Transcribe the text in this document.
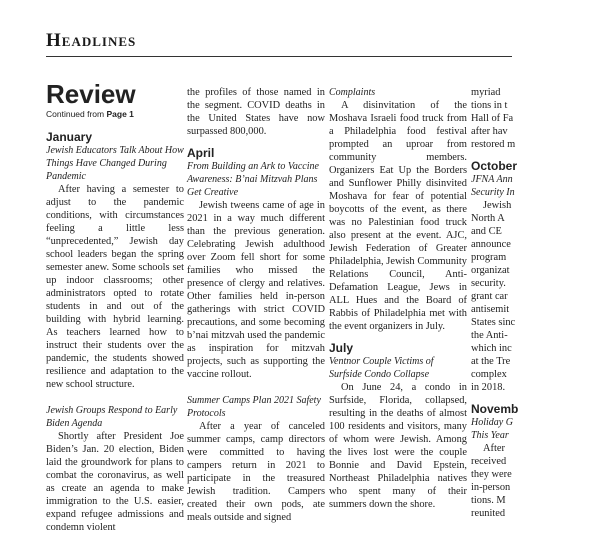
Headlines
Review

Continued from Page 1

January

Jewish Educators Talk About How Things Have Changed During Pandemic

After having a semester to adjust to the pandemic conditions, with circumstances feeling a little less “unprecedented,” Jewish day school leaders began the spring semester anew. Some schools set up indoor classrooms; other administrators opted to rotate students in and out of the building with hybrid learning. As teachers learned how to instruct their students over the pandemic, the students showed resilience and adaptation to the new school structure.

Jewish Groups Respond to Early Biden Agenda

Shortly after President Joe Biden’s Jan. 20 election, Biden laid the groundwork for plans to combat the coronavirus, as well as create an agenda to make immigration to the U.S. easier, expand refugee admissions and condemn violent

the profiles of those named in the segment. COVID deaths in the United States have now surpassed 800,000.

April

From Building an Ark to Vaccine Awareness: B’nai Mitzvah Plans Get Creative

Jewish tweens came of age in 2021 in a way much different than the previous generation. Celebrating Jewish adulthood over Zoom fell short for some families who missed the presence of clergy and relatives. Other families held in-person gatherings with strict COVID precautions, and some becoming b’nai mitzvah used the pandemic as inspiration for mitzvah projects, such as supporting the vaccine rollout.

Summer Camps Plan 2021 Safety Protocols

After a year of canceled summer camps, camp directors were committed to having campers return in 2021 to participate in the treasured Jewish tradition. Campers created their own pods, ate meals outside and signed

Complaints

A disinvitation of the Moshava Israeli food truck from a Philadelphia food festival prompted an uproar from community members. Organizers Eat Up the Borders and Sunflower Philly disinvited Moshava for fear of potential boycotts of the event, as there was no Palestinian food truck also present at the event. AJC, Jewish Federation of Greater Philadelphia, Jewish Community Relations Council, Anti-Defamation League, Jews in ALL Hues and the Board of Rabbis of Philadelphia met with the event organizers in July.

July

Ventnor Couple Victims of Surfside Condo Collapse

On June 24, a condo in Surfside, Florida, collapsed, resulting in the deaths of almost 100 residents and visitors, many of whom were Jewish. Among the lives lost were the couple Bonnie and David Epstein, Northeast Philadelphia natives who spent many of their summers down the shore.

myriad

tions in t

Hall of Fa

after hav

restored m

October

JFNA Ann

Security In

Jewish

North A

and CE

announce

program

organizat

security.

grant car

antisemit

States sinc

the Anti-

which inc

at the Tre

complex

in 2018.

Novemb

Holiday G

This Year

After

received

they were

in-person

tions. M

reunited
